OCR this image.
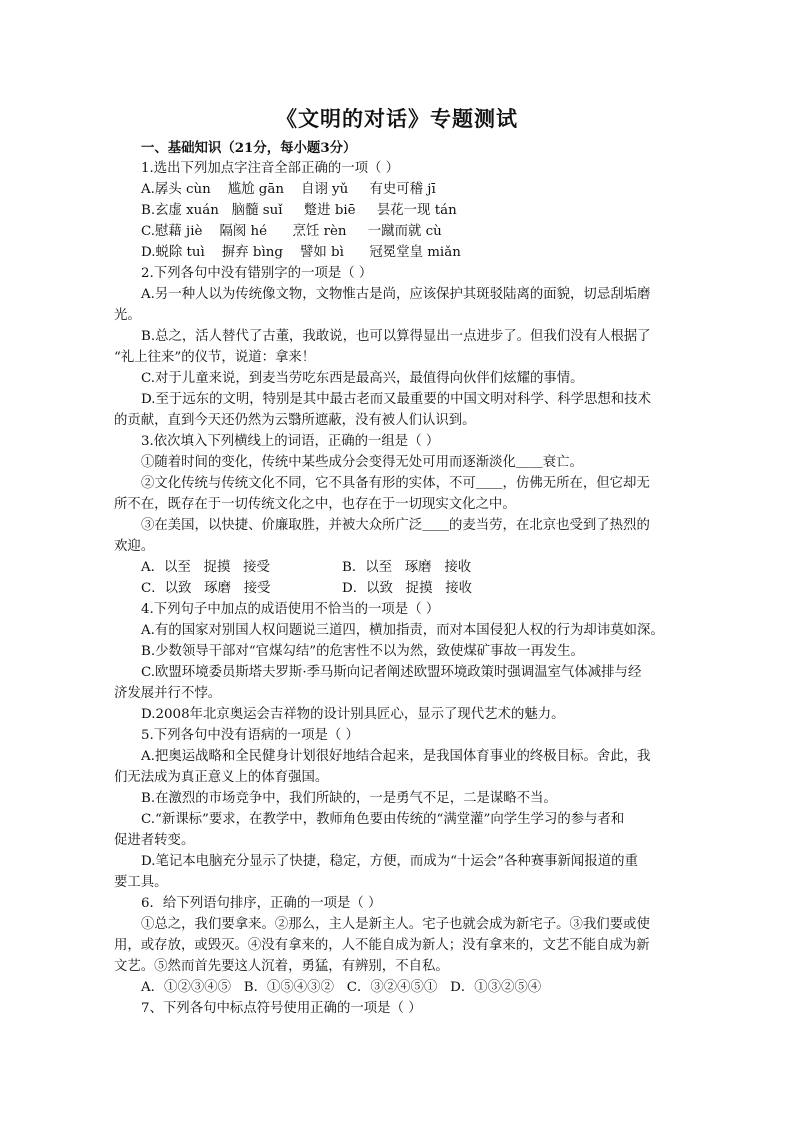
《文明的对话》专题测试
一、基础知识（21分，每小题3分）
1.选出下列加点字注音全部正确的一项（ ）
A.孱头 cùn    尴尬 gān    自诩 yǔ     有史可稽 jī
B.玄虚 xuán   脑髓 suǐ     蹩进 biē     昙花一现 tán
C.慰藉 jiè    隔阂 hé      烹饪 rèn     一蹴而就 cù
D.蜕除 tuì    摒弃 bìng    譬如 bì      冠冕堂皇 miǎn
2.下列各句中没有错别字的一项是（ ）
A.另一种人以为传统像文物，文物惟古是尚，应该保护其斑驳陆离的面貌，切忌刮垢磨
光。
B.总之，活人替代了古董，我敢说，也可以算得显出一点进步了。但我们没有人根据了
“礼上往来”的仪节，说道：拿来！
C.对于儿童来说，到麦当劳吃东西是最高兴，最值得向伙伴们炫耀的事情。
D.至于远东的文明，特别是其中最古老而又最重要的中国文明对科学、科学思想和技术
的贡献，直到今天还仍然为云翳所遮蔽，没有被人们认识到。
3.依次填入下列横线上的词语，正确的一组是（ ）
①随着时间的变化，传统中某些成分会变得无处可用而逐渐淡化＿＿衰亡。
②文化传统与传统文化不同，它不具备有形的实体，不可＿＿，仿佛无所在，但它却无
所不在，既存在于一切传统文化之中，也存在于一切现实文化之中。
③在美国，以快捷、价廉取胜，并被大众所广泛＿＿的麦当劳，在北京也受到了热烈的
欢迎。
A．以至   捉摸   接受	B．以至   琢磨   接收
C．以致   琢磨   接受	D．以致   捉摸   接收
4.下列句子中加点的成语使用不恰当的一项是（ ）
A.有的国家对别国人权问题说三道四，横加指责，而对本国侵犯人权的行为却讳莫如深。
B.少数领导干部对“官煤勾结”的危害性不以为然，致使煤矿事故一再发生。
C.欧盟环境委员斯塔夫罗斯·季马斯向记者阐述欧盟环境政策时强调温室气体减排与经
济发展并行不悖。
D.2008年北京奥运会吉祥物的设计别具匠心，显示了现代艺术的魅力。
5.下列各句中没有语病的一项是（ ）
A.把奥运战略和全民健身计划很好地结合起来，是我国体育事业的终极目标。舍此，我
们无法成为真正意义上的体育强国。
B.在激烈的市场竞争中，我们所缺的，一是勇气不足，二是谋略不当。
C.“新课标”要求，在教学中，教师角色要由传统的“满堂灌”向学生学习的参与者和
促进者转变。
D.笔记本电脑充分显示了快捷，稳定，方便，而成为“十运会”各种赛事新闻报道的重
要工具。
6．给下列语句排序，正确的一项是（ ）
①总之，我们要拿来。②那么，主人是新主人。宅子也就会成为新宅子。③我们要或使
用，或存放，或毁灭。④没有拿来的，人不能自成为新人；没有拿来的，文艺不能自成为新
文艺。⑤然而首先要这人沉着，勇猛，有辨别，不自私。
A．①②③④⑤   B．①⑤④③②   C．③②④⑤①   D．①③②⑤④
7、下列各句中标点符号使用正确的一项是（ ）
